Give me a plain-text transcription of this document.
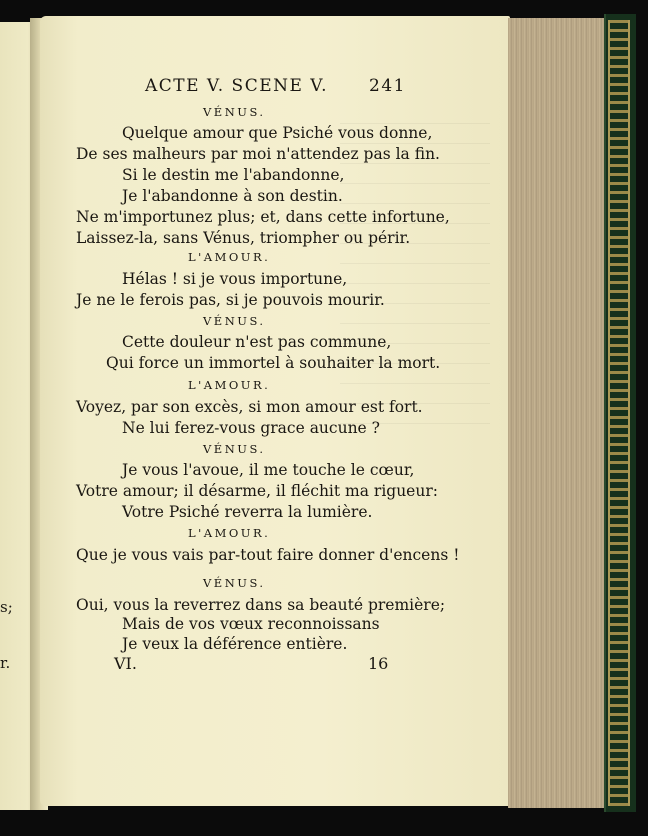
s;
r.
ACTE V. SCENE V. 241
VÉNUS.
Quelque amour que Psiché vous donne,
De ses malheurs par moi n'attendez pas la fin.
Si le destin me l'abandonne,
Je l'abandonne à son destin.
Ne m'importunez plus; et, dans cette infortune,
Laissez-la, sans Vénus, triompher ou périr.
L'AMOUR.
Hélas ! si je vous importune,
Je ne le ferois pas, si je pouvois mourir.
VÉNUS.
Cette douleur n'est pas commune,
Qui force un immortel à souhaiter la mort.
L'AMOUR.
Voyez, par son excès, si mon amour est fort.
Ne lui ferez-vous grace aucune ?
VÉNUS.
Je vous l'avoue, il me touche le cœur,
Votre amour; il désarme, il fléchit ma rigueur:
Votre Psiché reverra la lumière.
L'AMOUR.
Que je vous vais par-tout faire donner d'encens !
VÉNUS.
Oui, vous la reverrez dans sa beauté première;
Mais de vos vœux reconnoissans
Je veux la déférence entière.
VI.	16
